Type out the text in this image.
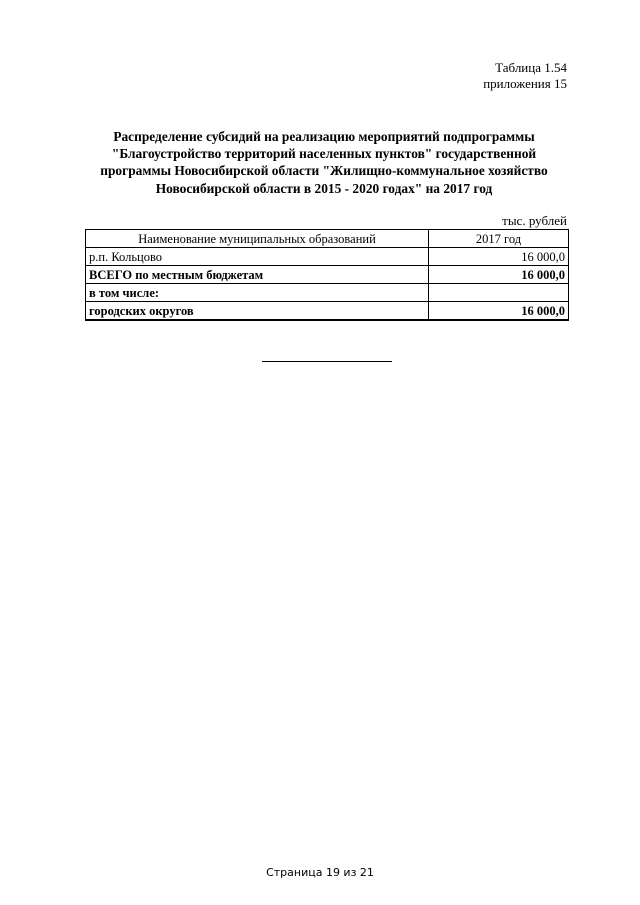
Таблица 1.54
приложения 15
Распределение субсидий на реализацию мероприятий подпрограммы
"Благоустройство территорий населенных пунктов" государственной
программы Новосибирской области "Жилищно-коммунальное хозяйство
Новосибирской области в 2015 - 2020 годах" на 2017 год
тыс. рублей
Наименование муниципальных образований	2017 год
р.п. Кольцово	16 000,0
ВСЕГО по местным бюджетам	16 000,0
в том числе:	
городских округов	16 000,0
Страница 19 из 21
